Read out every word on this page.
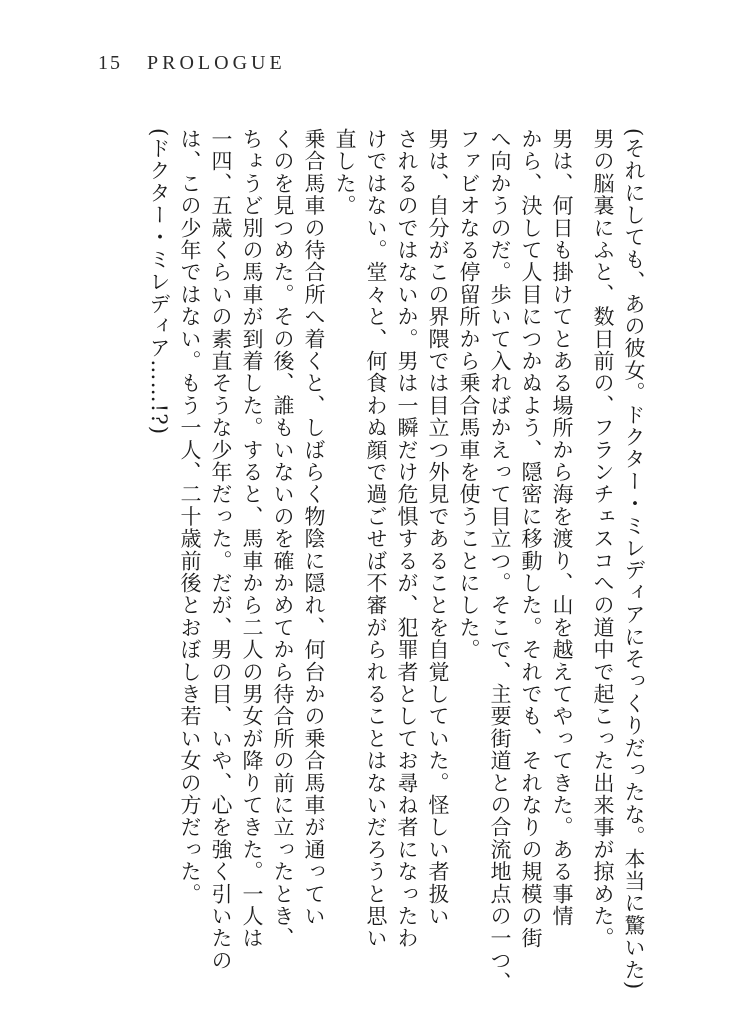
15 PROLOGUE
(それにしても、あの彼女。ドクター・ミレディアにそっくりだったな。本当に驚いた)
男の脳裏にふと、数日前の、フランチェスコへの道中で起こった出来事が掠めた。
男は、何日も掛けてとある場所から海を渡り、山を越えてやってきた。ある事情
から、決して人目につかぬよう、隠密に移動した。それでも、それなりの規模の街
へ向かうのだ。歩いて入ればかえって目立つ。そこで、主要街道との合流地点の一つ、
ファビオなる停留所から乗合馬車を使うことにした。
男は、自分がこの界隈では目立つ外見であることを自覚していた。怪しい者扱い
されるのではないか。男は一瞬だけ危惧するが、犯罪者としてお尋ね者になったわ
けではない。堂々と、何食わぬ顔で過ごせば不審がられることはないだろうと思い
直した。
乗合馬車の待合所へ着くと、しばらく物陰に隠れ、何台かの乗合馬車が通ってい
くのを見つめた。その後、誰もいないのを確かめてから待合所の前に立ったとき、
ちょうど別の馬車が到着した。すると、馬車から二人の男女が降りてきた。一人は
一四、五歳くらいの素直そうな少年だった。だが、男の目、いや、心を強く引いたの
は、この少年ではない。もう一人、二十歳前後とおぼしき若い女の方だった。
(ドクター・ミレディア……!?)
